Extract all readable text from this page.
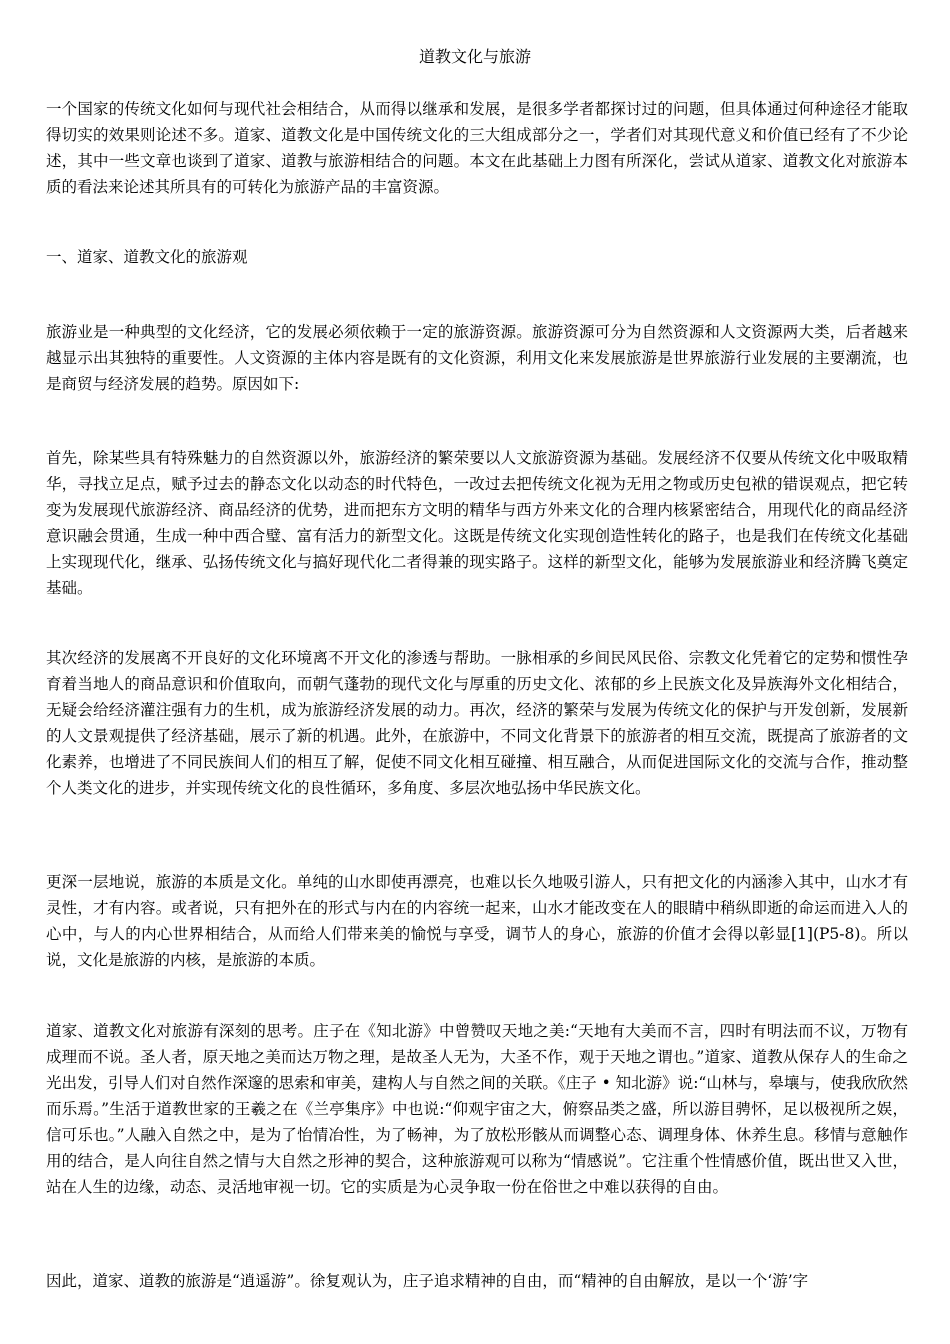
道教文化与旅游

一个国家的传统文化如何与现代社会相结合，从而得以继承和发展，是很多学者都探讨过的问题，但具体通过何种途径才能取得切实的效果则论述不多。道家、道教文化是中国传统文化的三大组成部分之一，学者们对其现代意义和价值已经有了不少论述，其中一些文章也谈到了道家、道教与旅游相结合的问题。本文在此基础上力图有所深化，尝试从道家、道教文化对旅游本质的看法来论述其所具有的可转化为旅游产品的丰富资源。

一、道家、道教文化的旅游观

旅游业是一种典型的文化经济，它的发展必须依赖于一定的旅游资源。旅游资源可分为自然资源和人文资源两大类，后者越来越显示出其独特的重要性。人文资源的主体内容是既有的文化资源，利用文化来发展旅游是世界旅游行业发展的主要潮流，也是商贸与经济发展的趋势。原因如下:

首先，除某些具有特殊魅力的自然资源以外，旅游经济的繁荣要以人文旅游资源为基础。发展经济不仅要从传统文化中吸取精华，寻找立足点，赋予过去的静态文化以动态的时代特色，一改过去把传统文化视为无用之物或历史包袱的错误观点，把它转变为发展现代旅游经济、商品经济的优势，进而把东方文明的精华与西方外来文化的合理内核紧密结合，用现代化的商品经济意识融会贯通，生成一种中西合璧、富有活力的新型文化。这既是传统文化实现创造性转化的路子，也是我们在传统文化基础上实现现代化，继承、弘扬传统文化与搞好现代化二者得兼的现实路子。这样的新型文化，能够为发展旅游业和经济腾飞奠定基础。

其次经济的发展离不开良好的文化环境离不开文化的渗透与帮助。一脉相承的乡间民风民俗、宗教文化凭着它的定势和惯性孕育着当地人的商品意识和价值取向，而朝气蓬勃的现代文化与厚重的历史文化、浓郁的乡上民族文化及异族海外文化相结合，无疑会给经济灌注强有力的生机，成为旅游经济发展的动力。再次，经济的繁荣与发展为传统文化的保护与开发创新，发展新的人文景观提供了经济基础，展示了新的机遇。此外，在旅游中，不同文化背景下的旅游者的相互交流，既提高了旅游者的文化素养，也增进了不同民族间人们的相互了解，促使不同文化相互碰撞、相互融合，从而促进国际文化的交流与合作，推动整个人类文化的进步，并实现传统文化的良性循环，多角度、多层次地弘扬中华民族文化。

更深一层地说，旅游的本质是文化。单纯的山水即使再漂亮，也难以长久地吸引游人，只有把文化的内涵渗入其中，山水才有灵性，才有内容。或者说，只有把外在的形式与内在的内容统一起来，山水才能改变在人的眼睛中稍纵即逝的命运而进入人的心中，与人的内心世界相结合，从而给人们带来美的愉悦与享受，调节人的身心，旅游的价值才会得以彰显[1](P5-8)。所以说，文化是旅游的内核，是旅游的本质。

道家、道教文化对旅游有深刻的思考。庄子在《知北游》中曾赞叹天地之美:“天地有大美而不言，四时有明法而不议，万物有成理而不说。圣人者，原天地之美而达万物之理，是故圣人无为，大圣不作，观于天地之谓也。”道家、道教从保存人的生命之光出发，引导人们对自然作深邃的思索和审美，建构人与自然之间的关联。《庄子 • 知北游》说:“山林与，皋壤与，使我欣欣然而乐焉。”生活于道教世家的王羲之在《兰亭集序》中也说:“仰观宇宙之大，俯察品类之盛，所以游目骋怀，足以极视所之娱，信可乐也。”人融入自然之中，是为了怡情冶性，为了畅神，为了放松形骸从而调整心态、调理身体、休养生息。移情与意触作用的结合，是人向往自然之情与大自然之形神的契合，这种旅游观可以称为“情感说”。它注重个性情感价值，既出世又入世，站在人生的边缘，动态、灵活地审视一切。它的实质是为心灵争取一份在俗世之中难以获得的自由。

因此，道家、道教的旅游是“逍遥游”。徐复观认为，庄子追求精神的自由，而“精神的自由解放，是以一个‘游’字
